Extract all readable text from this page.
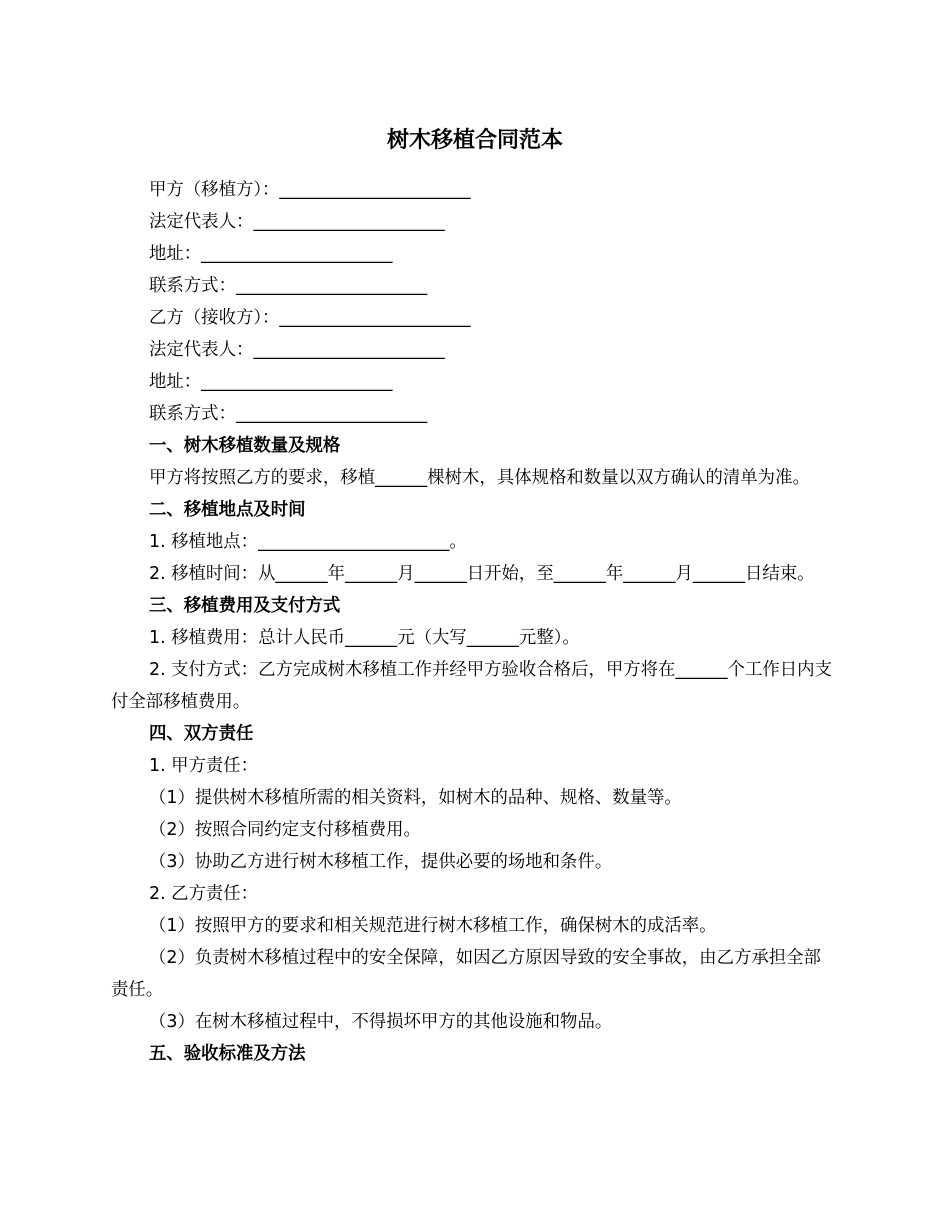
树木移植合同范本

甲方（移植方）：______________________

法定代表人：______________________

地址：______________________

联系方式：______________________

乙方（接收方）：______________________

法定代表人：______________________

地址：______________________

联系方式：______________________

一、树木移植数量及规格

甲方将按照乙方的要求，移植______棵树木，具体规格和数量以双方确认的清单为准。

二、移植地点及时间

1. 移植地点：______________________。

2. 移植时间：从______年______月______日开始，至______年______月______日结束。

三、移植费用及支付方式

1. 移植费用：总计人民币______元（大写______元整）。

2. 支付方式：乙方完成树木移植工作并经甲方验收合格后，甲方将在______个工作日内支付全部移植费用。

四、双方责任

1. 甲方责任：

（1）提供树木移植所需的相关资料，如树木的品种、规格、数量等。

（2）按照合同约定支付移植费用。

（3）协助乙方进行树木移植工作，提供必要的场地和条件。

2. 乙方责任：

（1）按照甲方的要求和相关规范进行树木移植工作，确保树木的成活率。

（2）负责树木移植过程中的安全保障，如因乙方原因导致的安全事故，由乙方承担全部责任。

（3）在树木移植过程中，不得损坏甲方的其他设施和物品。

五、验收标准及方法
